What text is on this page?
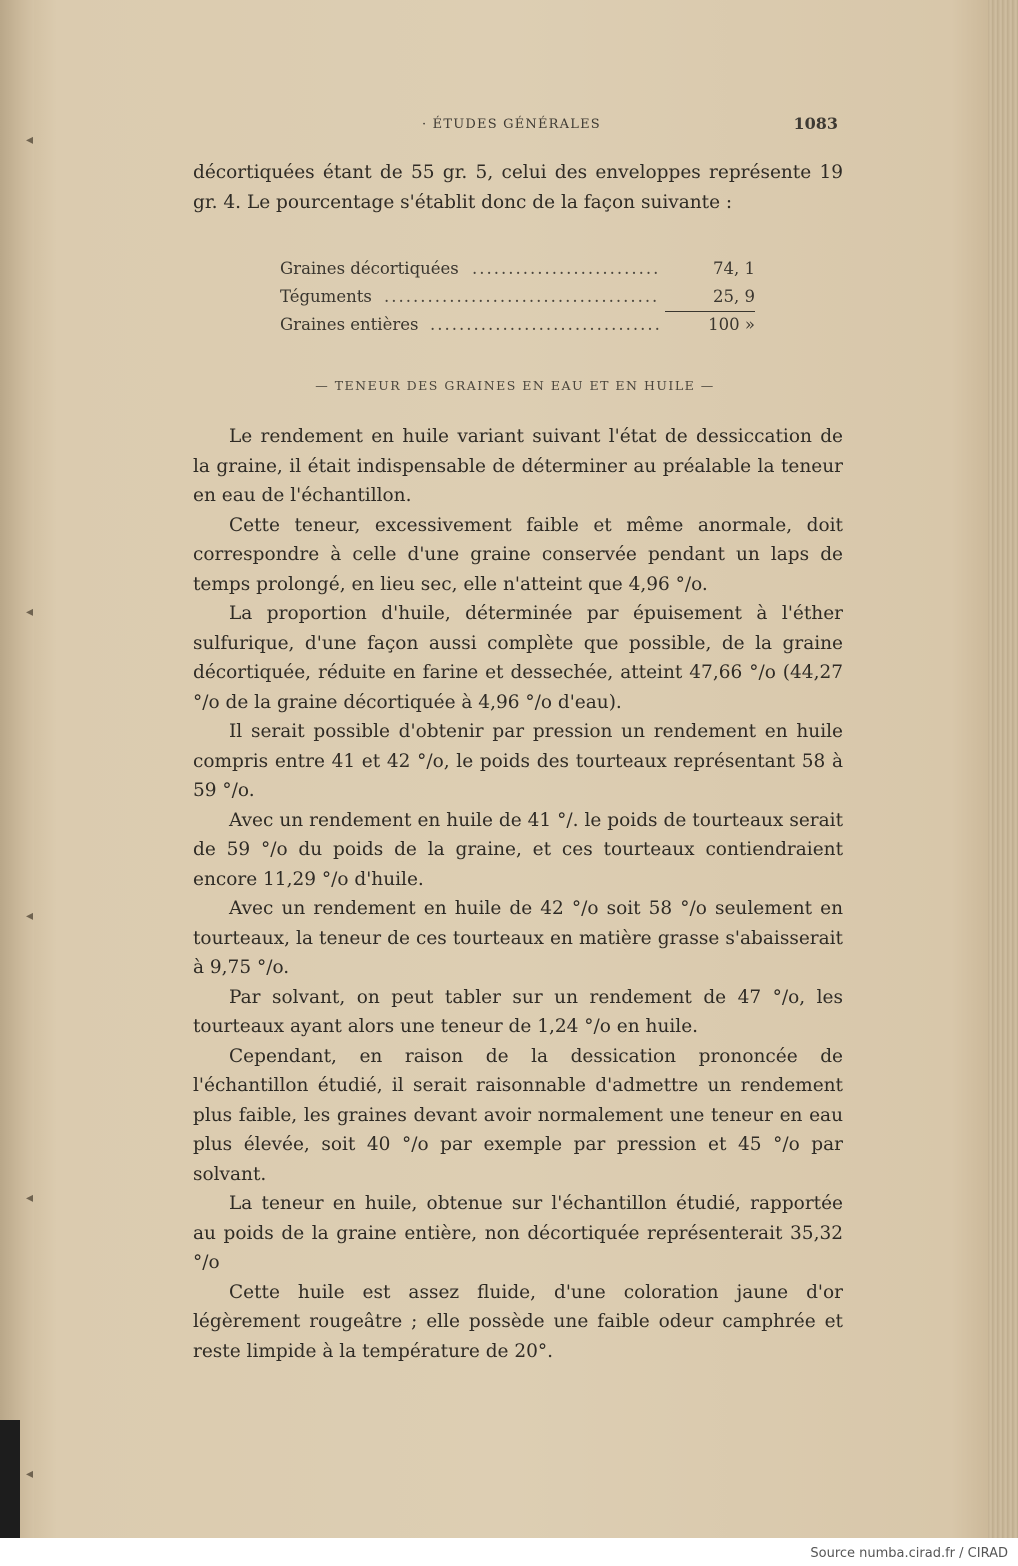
◂
◂
◂
◂
◂
· ÉTUDES GÉNÉRALES	1083

décortiquées étant de 55 gr. 5, celui des enveloppes représente 19 gr. 4. Le pourcentage s'établit donc de la façon suivante :

Graines décortiquées ..........................	74, 1
Téguments ......................................	25, 9
Graines entières ................................	100 »
— TENEUR DES GRAINES EN EAU ET EN HUILE —

Le rendement en huile variant suivant l'état de dessiccation de la graine, il était indispensable de déterminer au préalable la teneur en eau de l'échantillon.

Cette teneur, excessivement faible et même anormale, doit correspondre à celle d'une graine conservée pendant un laps de temps prolongé, en lieu sec, elle n'atteint que 4,96 °/o.

La proportion d'huile, déterminée par épuisement à l'éther sulfurique, d'une façon aussi complète que possible, de la graine décortiquée, réduite en farine et dessechée, atteint 47,66 °/o (44,27 °/o de la graine décortiquée à 4,96 °/o d'eau).

Il serait possible d'obtenir par pression un rendement en huile compris entre 41 et 42 °/o, le poids des tourteaux représentant 58 à 59 °/o.

Avec un rendement en huile de 41 °/. le poids de tourteaux serait de 59 °/o du poids de la graine, et ces tourteaux contiendraient encore 11,29 °/o d'huile.

Avec un rendement en huile de 42 °/o soit 58 °/o seulement en tourteaux, la teneur de ces tourteaux en matière grasse s'abaisserait à 9,75 °/o.

Par solvant, on peut tabler sur un rendement de 47 °/o, les tourteaux ayant alors une teneur de 1,24 °/o en huile.

Cependant, en raison de la dessication prononcée de l'échantillon étudié, il serait raisonnable d'admettre un rendement plus faible, les graines devant avoir normalement une teneur en eau plus élevée, soit 40 °/o par exemple par pression et 45 °/o par solvant.

La teneur en huile, obtenue sur l'échantillon étudié, rapportée au poids de la graine entière, non décortiquée représenterait 35,32 °/o

Cette huile est assez fluide, d'une coloration jaune d'or légèrement rougeâtre ; elle possède une faible odeur camphrée et reste limpide à la température de 20°.

Source numba.cirad.fr / CIRAD
